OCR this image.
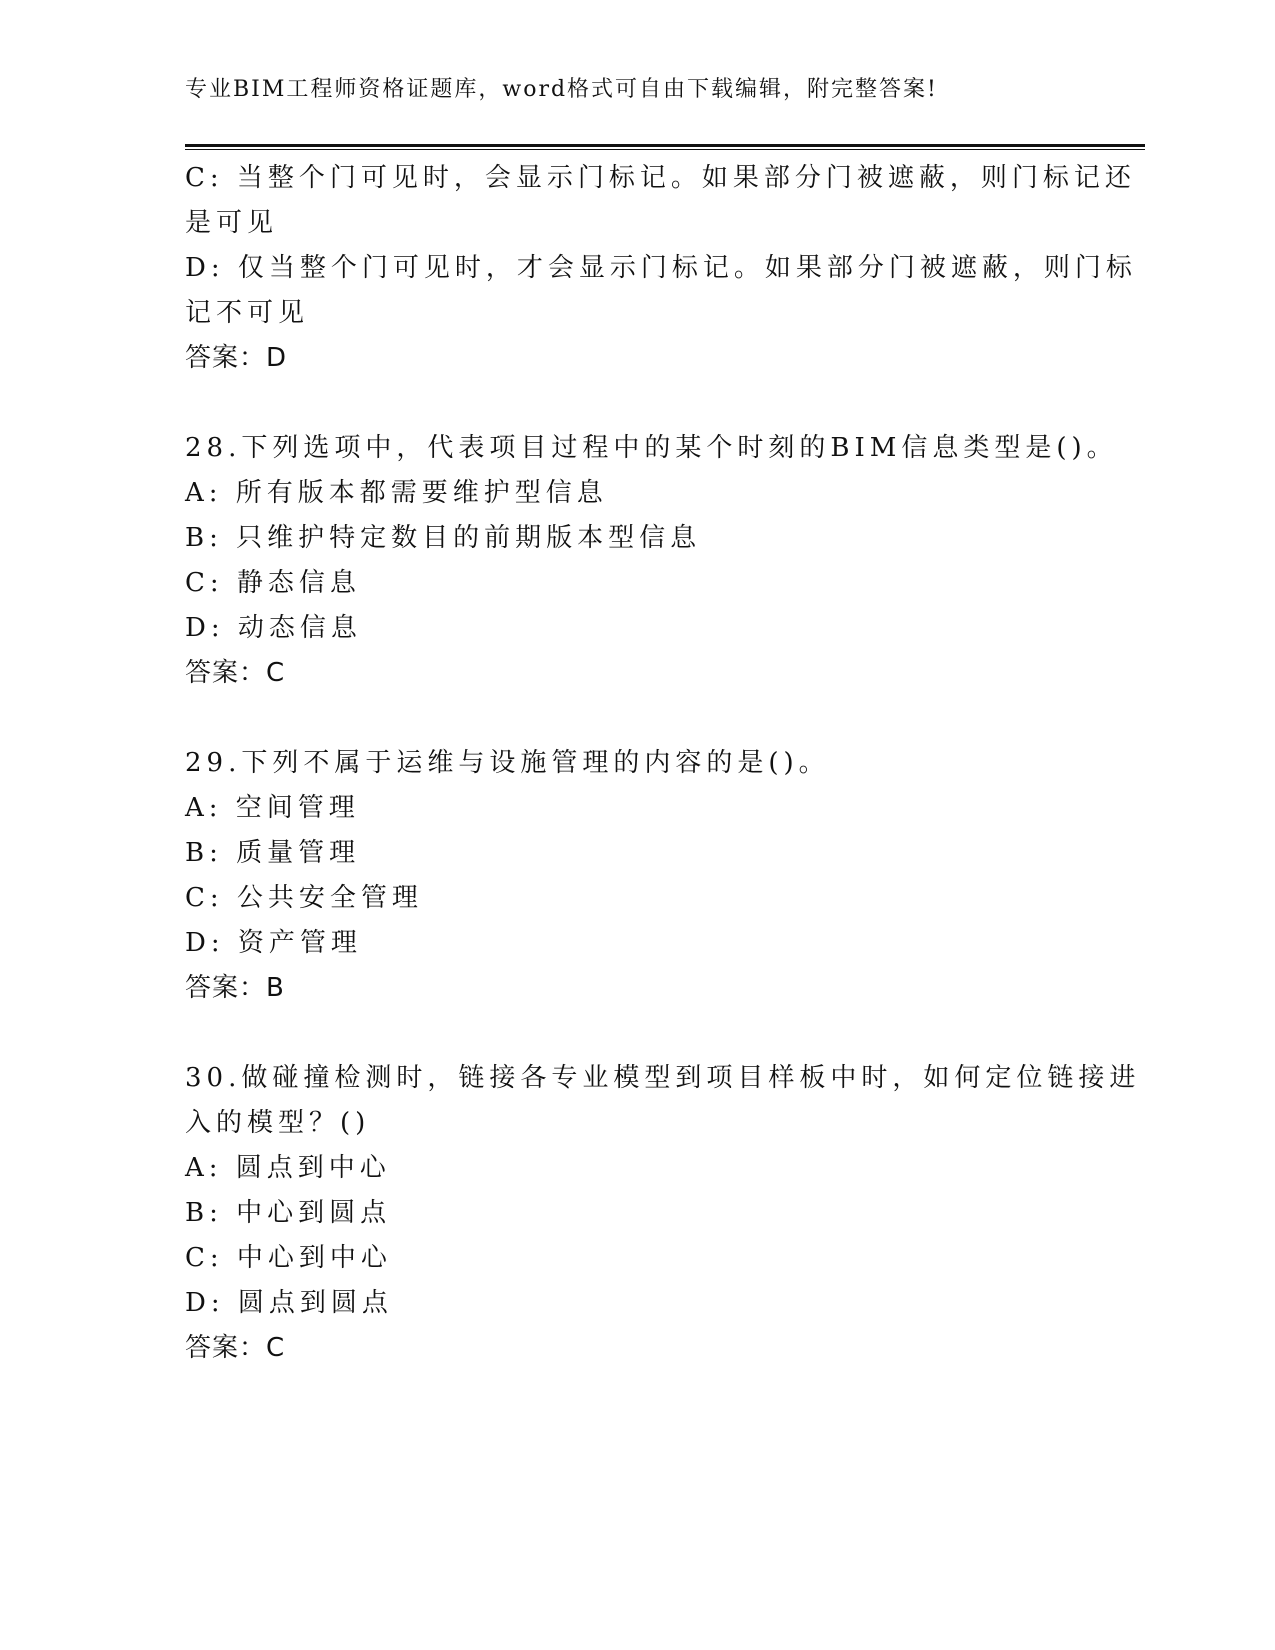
专业BIM工程师资格证题库，word格式可自由下载编辑，附完整答案!
C: 当整个门可见时，会显示门标记。如果部分门被遮蔽，则门标记还
是可见
D: 仅当整个门可见时，才会显示门标记。如果部分门被遮蔽，则门标
记不可见
答案：D
28.下列选项中，代表项目过程中的某个时刻的BIM信息类型是()。
A: 所有版本都需要维护型信息
B: 只维护特定数目的前期版本型信息
C: 静态信息
D: 动态信息
答案：C
29.下列不属于运维与设施管理的内容的是()。
A: 空间管理
B: 质量管理
C: 公共安全管理
D: 资产管理
答案：B
30.做碰撞检测时，链接各专业模型到项目样板中时，如何定位链接进
入的模型？()
A: 圆点到中心
B: 中心到圆点
C: 中心到中心
D: 圆点到圆点
答案：C
